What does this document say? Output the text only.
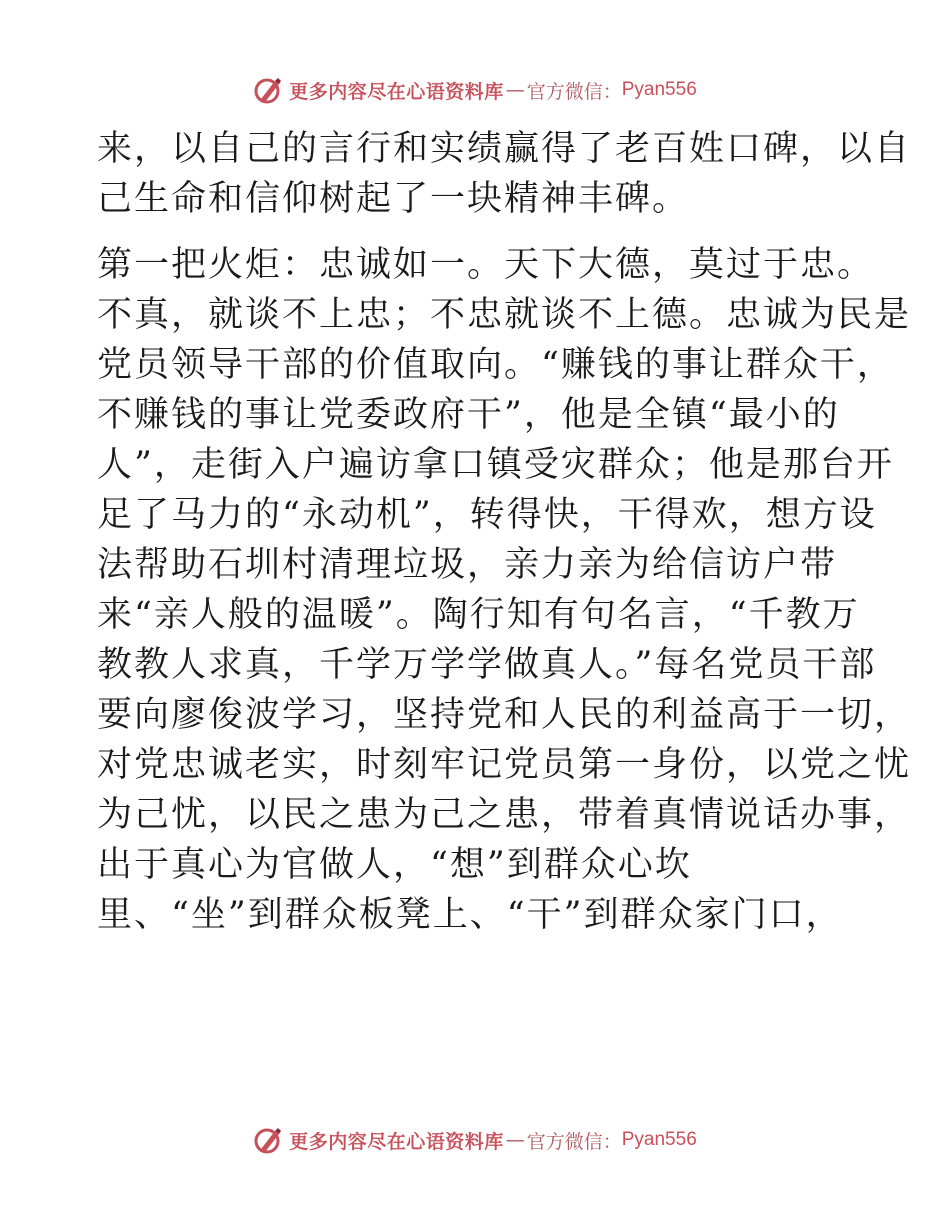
更多内容尽在心语资料库 — 官方微信： Pyan556
来，以自己的言行和实绩赢得了老百姓口碑，以自
己生命和信仰树起了一块精神丰碑。
第一把火炬：忠诚如一。天下大德，莫过于忠。
不真，就谈不上忠；不忠就谈不上德。忠诚为民是
党员领导干部的价值取向。“赚钱的事让群众干，
不赚钱的事让党委政府干”，他是全镇“最小的
人”，走街入户遍访拿口镇受灾群众；他是那台开
足了马力的“永动机”，转得快，干得欢，想方设
法帮助石圳村清理垃圾，亲力亲为给信访户带
来“亲人般的温暖”。陶行知有句名言，“千教万
教教人求真，千学万学学做真人。”每名党员干部
要向廖俊波学习，坚持党和人民的利益高于一切，
对党忠诚老实，时刻牢记党员第一身份，以党之忧
为己忧，以民之患为己之患，带着真情说话办事，
出于真心为官做人，“想”到群众心坎
里、“坐”到群众板凳上、“干”到群众家门口，
更多内容尽在心语资料库 — 官方微信： Pyan556
